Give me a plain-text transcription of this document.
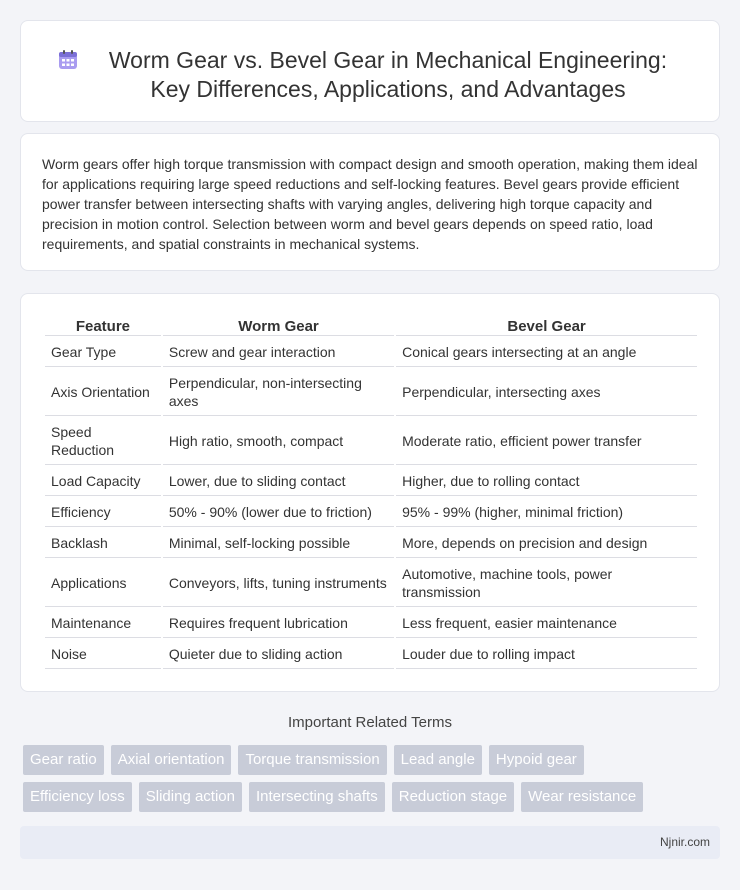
Worm Gear vs. Bevel Gear in Mechanical Engineering: Key Differences, Applications, and Advantages

Worm gears offer high torque transmission with compact design and smooth operation, making them ideal for applications requiring large speed reductions and self-locking features. Bevel gears provide efficient power transfer between intersecting shafts with varying angles, delivering high torque capacity and precision in motion control. Selection between worm and bevel gears depends on speed ratio, load requirements, and spatial constraints in mechanical systems.

Feature	Worm Gear	Bevel Gear
Gear Type	Screw and gear interaction	Conical gears intersecting at an angle
Axis Orientation	Perpendicular, non-intersecting axes	Perpendicular, intersecting axes
Speed Reduction	High ratio, smooth, compact	Moderate ratio, efficient power transfer
Load Capacity	Lower, due to sliding contact	Higher, due to rolling contact
Efficiency	50% - 90% (lower due to friction)	95% - 99% (higher, minimal friction)
Backlash	Minimal, self-locking possible	More, depends on precision and design
Applications	Conveyors, lifts, tuning instruments	Automotive, machine tools, power transmission
Maintenance	Requires frequent lubrication	Less frequent, easier maintenance
Noise	Quieter due to sliding action	Louder due to rolling impact
Important Related Terms
Gear ratio	Axial orientation	Torque transmission	Lead angle	Hypoid gear
Efficiency loss	Sliding action	Intersecting shafts	Reduction stage	Wear resistance
Njnir.com
